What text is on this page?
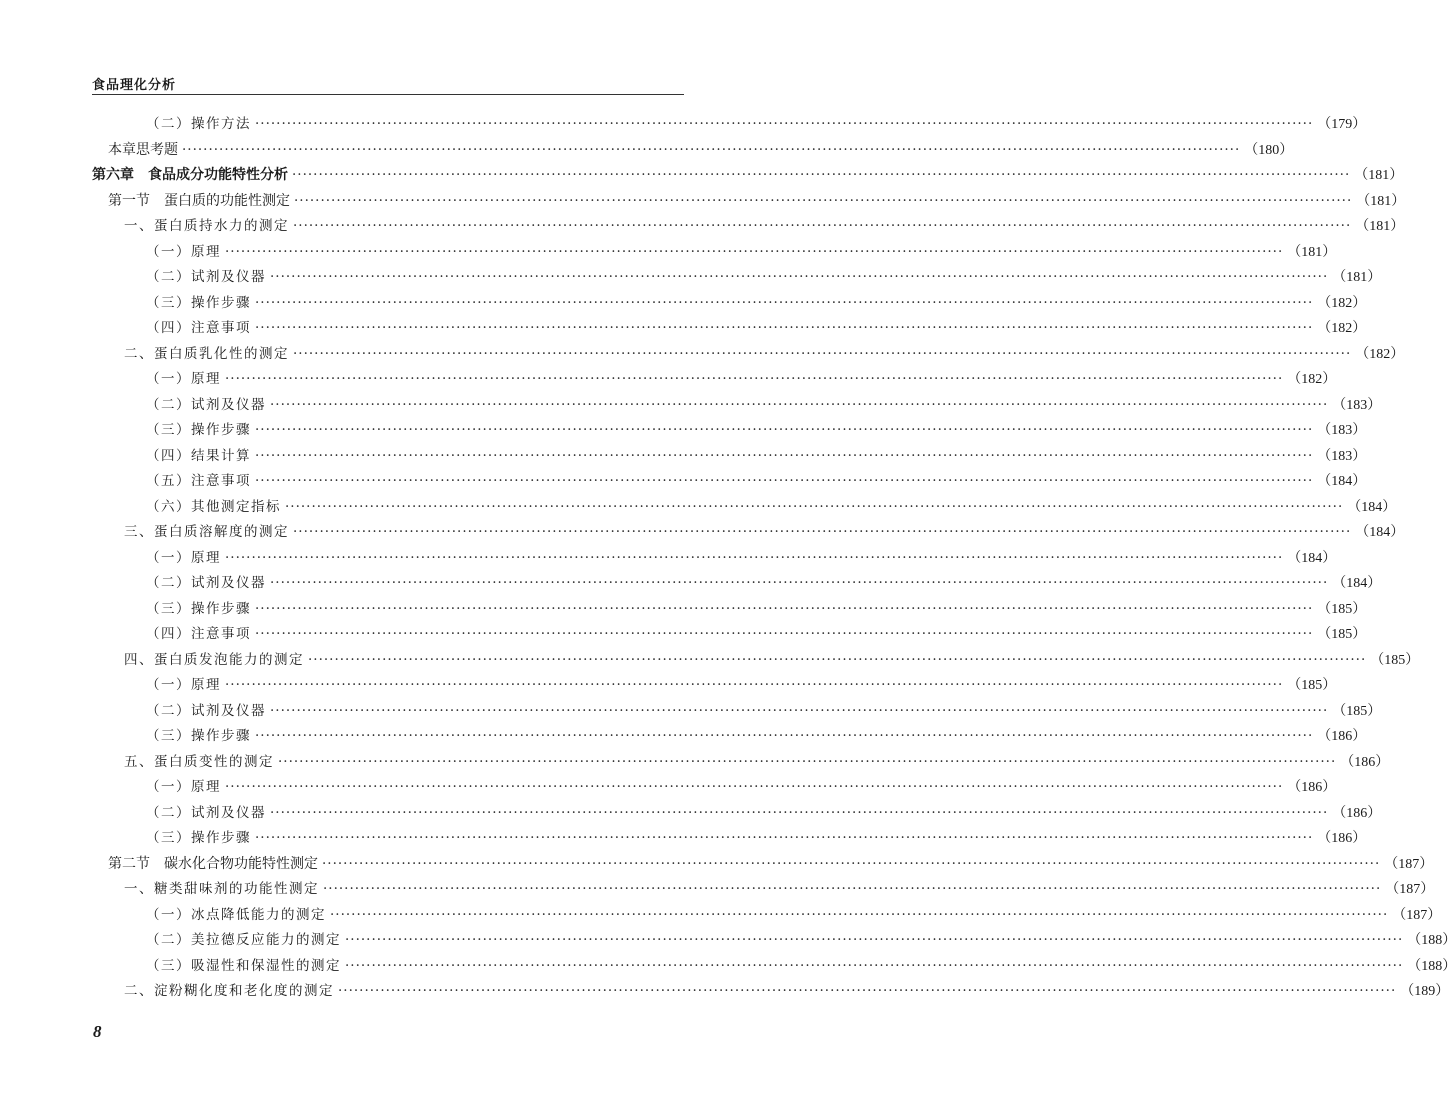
食品理化分析
（二）操作方法 ········································································································································································································ （179）
本章思考题 ········································································································································································································ （180）
第六章　食品成分功能特性分析 ········································································································································································································ （181）
第一节　蛋白质的功能性测定 ········································································································································································································ （181）
一、蛋白质持水力的测定 ········································································································································································································ （181）
（一）原理 ········································································································································································································ （181）
（二）试剂及仪器 ········································································································································································································ （181）
（三）操作步骤 ········································································································································································································ （182）
（四）注意事项 ········································································································································································································ （182）
二、蛋白质乳化性的测定 ········································································································································································································ （182）
（一）原理 ········································································································································································································ （182）
（二）试剂及仪器 ········································································································································································································ （183）
（三）操作步骤 ········································································································································································································ （183）
（四）结果计算 ········································································································································································································ （183）
（五）注意事项 ········································································································································································································ （184）
（六）其他测定指标 ········································································································································································································ （184）
三、蛋白质溶解度的测定 ········································································································································································································ （184）
（一）原理 ········································································································································································································ （184）
（二）试剂及仪器 ········································································································································································································ （184）
（三）操作步骤 ········································································································································································································ （185）
（四）注意事项 ········································································································································································································ （185）
四、蛋白质发泡能力的测定 ········································································································································································································ （185）
（一）原理 ········································································································································································································ （185）
（二）试剂及仪器 ········································································································································································································ （185）
（三）操作步骤 ········································································································································································································ （186）
五、蛋白质变性的测定 ········································································································································································································ （186）
（一）原理 ········································································································································································································ （186）
（二）试剂及仪器 ········································································································································································································ （186）
（三）操作步骤 ········································································································································································································ （186）
第二节　碳水化合物功能特性测定 ········································································································································································································ （187）
一、糖类甜味剂的功能性测定 ········································································································································································································ （187）
（一）冰点降低能力的测定 ········································································································································································································ （187）
（二）美拉德反应能力的测定 ········································································································································································································ （188）
（三）吸湿性和保湿性的测定 ········································································································································································································ （188）
二、淀粉糊化度和老化度的测定 ········································································································································································································ （189）
8
